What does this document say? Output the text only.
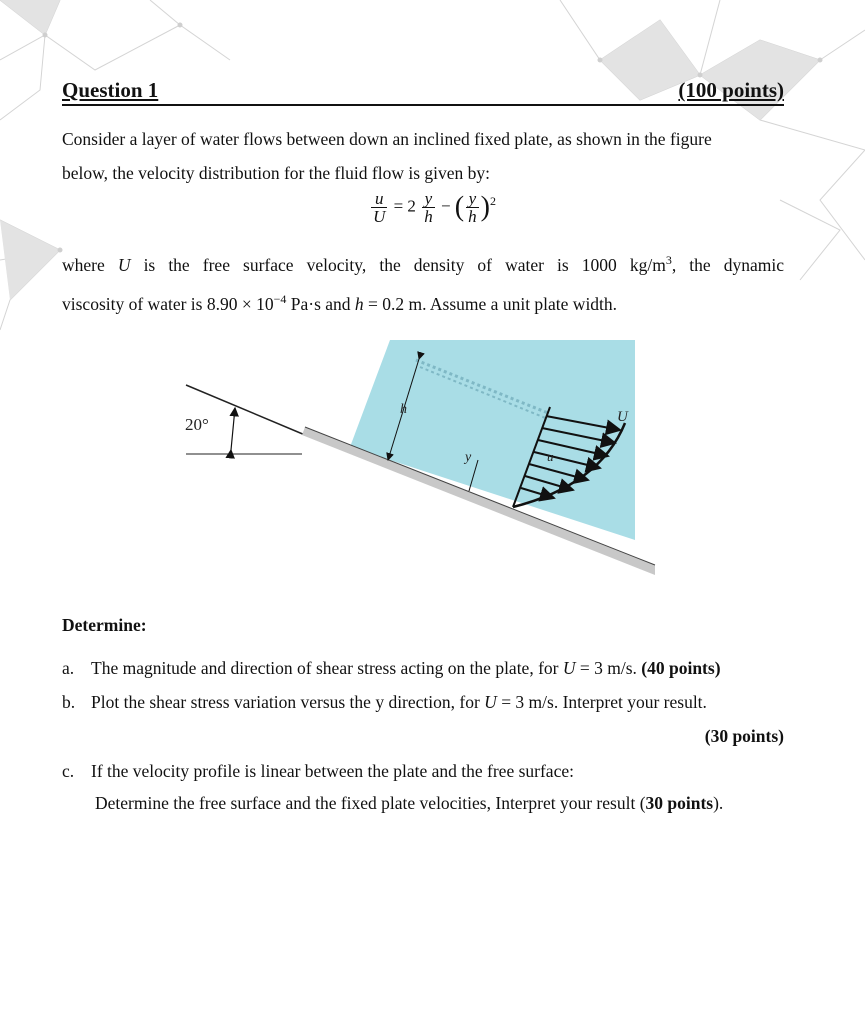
Question 1	(100 points)
Consider a layer of water flows between down an inclined fixed plate, as shown in the figure
below, the velocity distribution for the fluid flow is given by:
$\frac{u}{U} = 2 \frac{y}{h}$ − ( $\frac{y}{h} )^2$
where U is the free surface velocity, the density of water is 1000 $kg/m^3$, the dynamic
viscosity of water is $8.90 \times 10^{-4}$ Pa·s and h = 0.2 m. Assume a unit plate width.
20°
h
y	u
U
Determine:
a. The magnitude and direction of shear stress acting on the plate, for U = 3 m/s. (40 points)
b. Plot the shear stress variation versus the y direction, for U = 3 m/s. Interpret your result.
(30 points)
c. If the velocity profile is linear between the plate and the free surface:
Determine the free surface and the fixed plate velocities, Interpret your result (30 points).
